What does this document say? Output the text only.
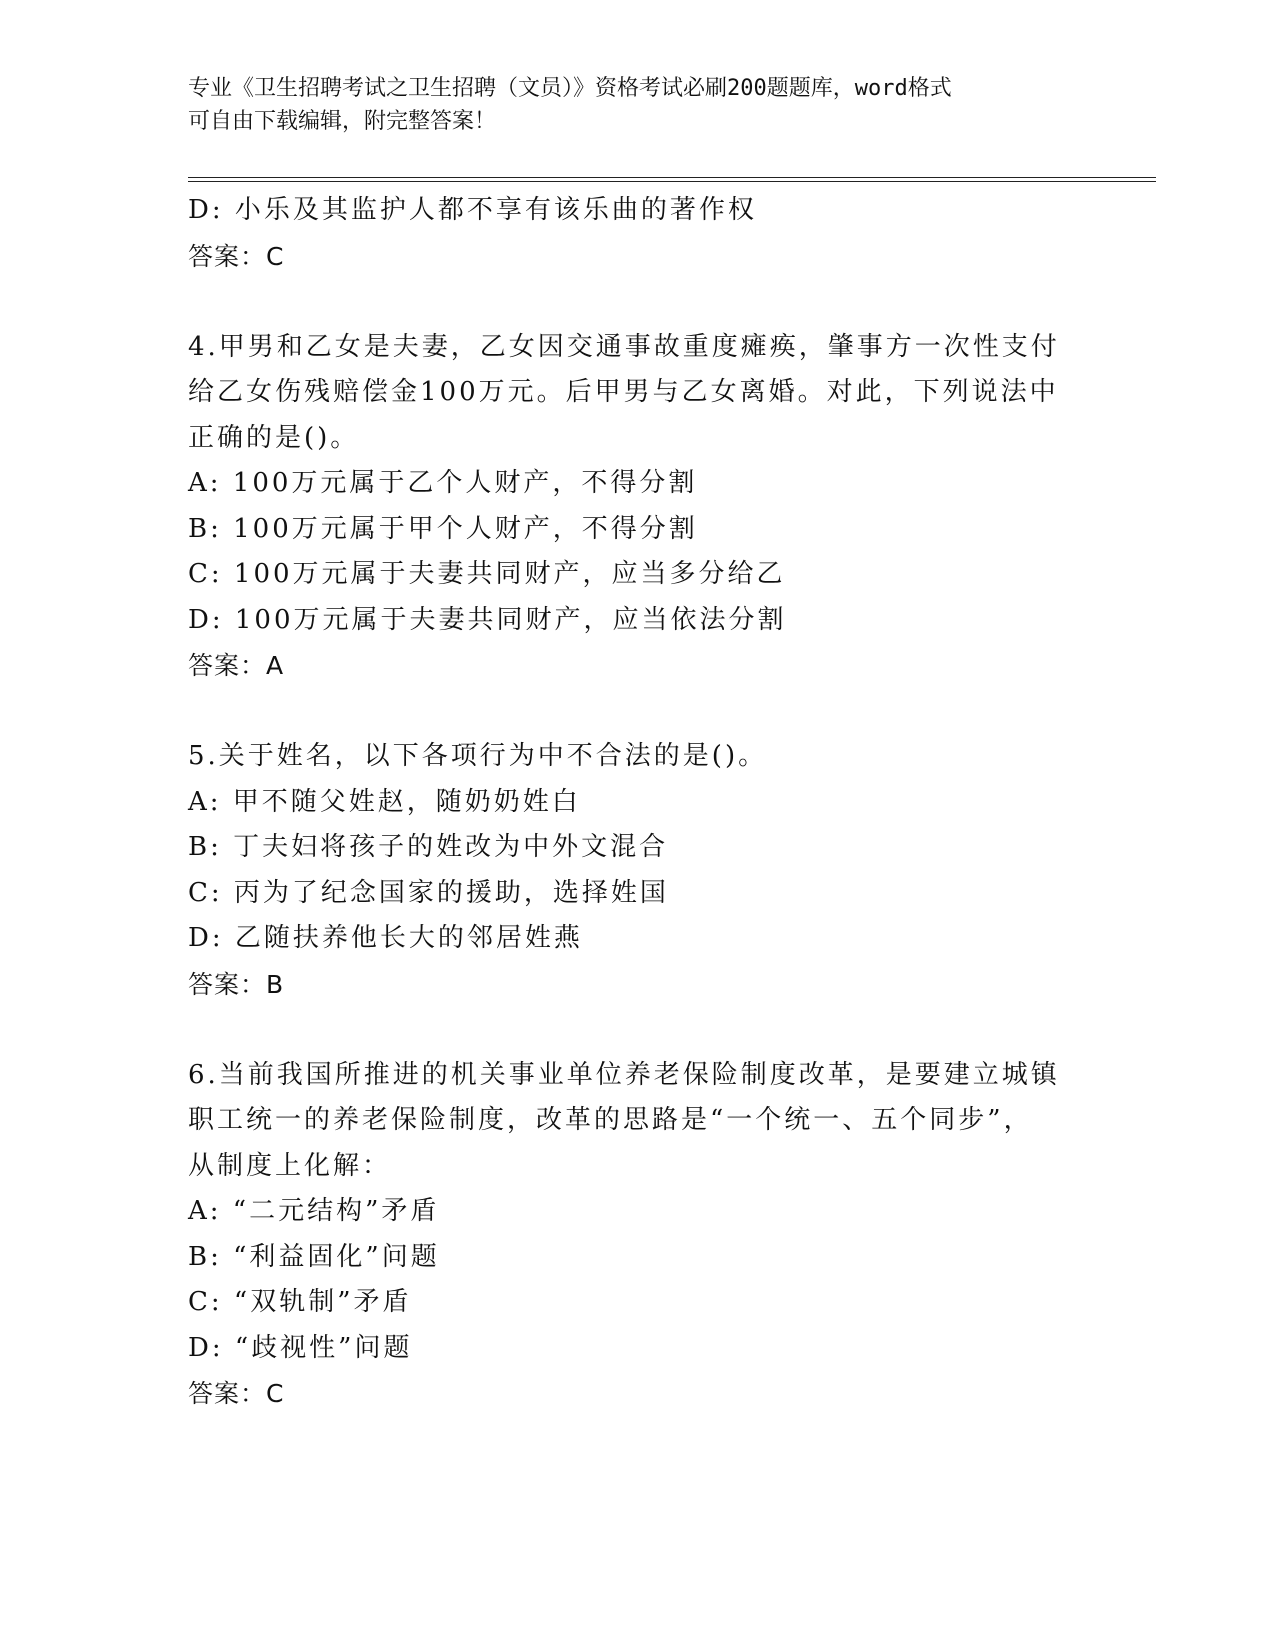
专业《卫生招聘考试之卫生招聘（文员）》资格考试必刷200题题库，word格式
可自由下载编辑，附完整答案！
D: 小乐及其监护人都不享有该乐曲的著作权
答案：C
4.甲男和乙女是夫妻，乙女因交通事故重度瘫痪，肇事方一次性支付
给乙女伤残赔偿金100万元。后甲男与乙女离婚。对此，下列说法中
正确的是()。
A: 100万元属于乙个人财产，不得分割
B: 100万元属于甲个人财产，不得分割
C: 100万元属于夫妻共同财产，应当多分给乙
D: 100万元属于夫妻共同财产，应当依法分割
答案：A
5.关于姓名，以下各项行为中不合法的是()。
A: 甲不随父姓赵，随奶奶姓白
B: 丁夫妇将孩子的姓改为中外文混合
C: 丙为了纪念国家的援助，选择姓国
D: 乙随扶养他长大的邻居姓燕
答案：B
6.当前我国所推进的机关事业单位养老保险制度改革，是要建立城镇
职工统一的养老保险制度，改革的思路是“一个统一、五个同步”，
从制度上化解：
A: “二元结构”矛盾
B: “利益固化”问题
C: “双轨制”矛盾
D: “歧视性”问题
答案：C
